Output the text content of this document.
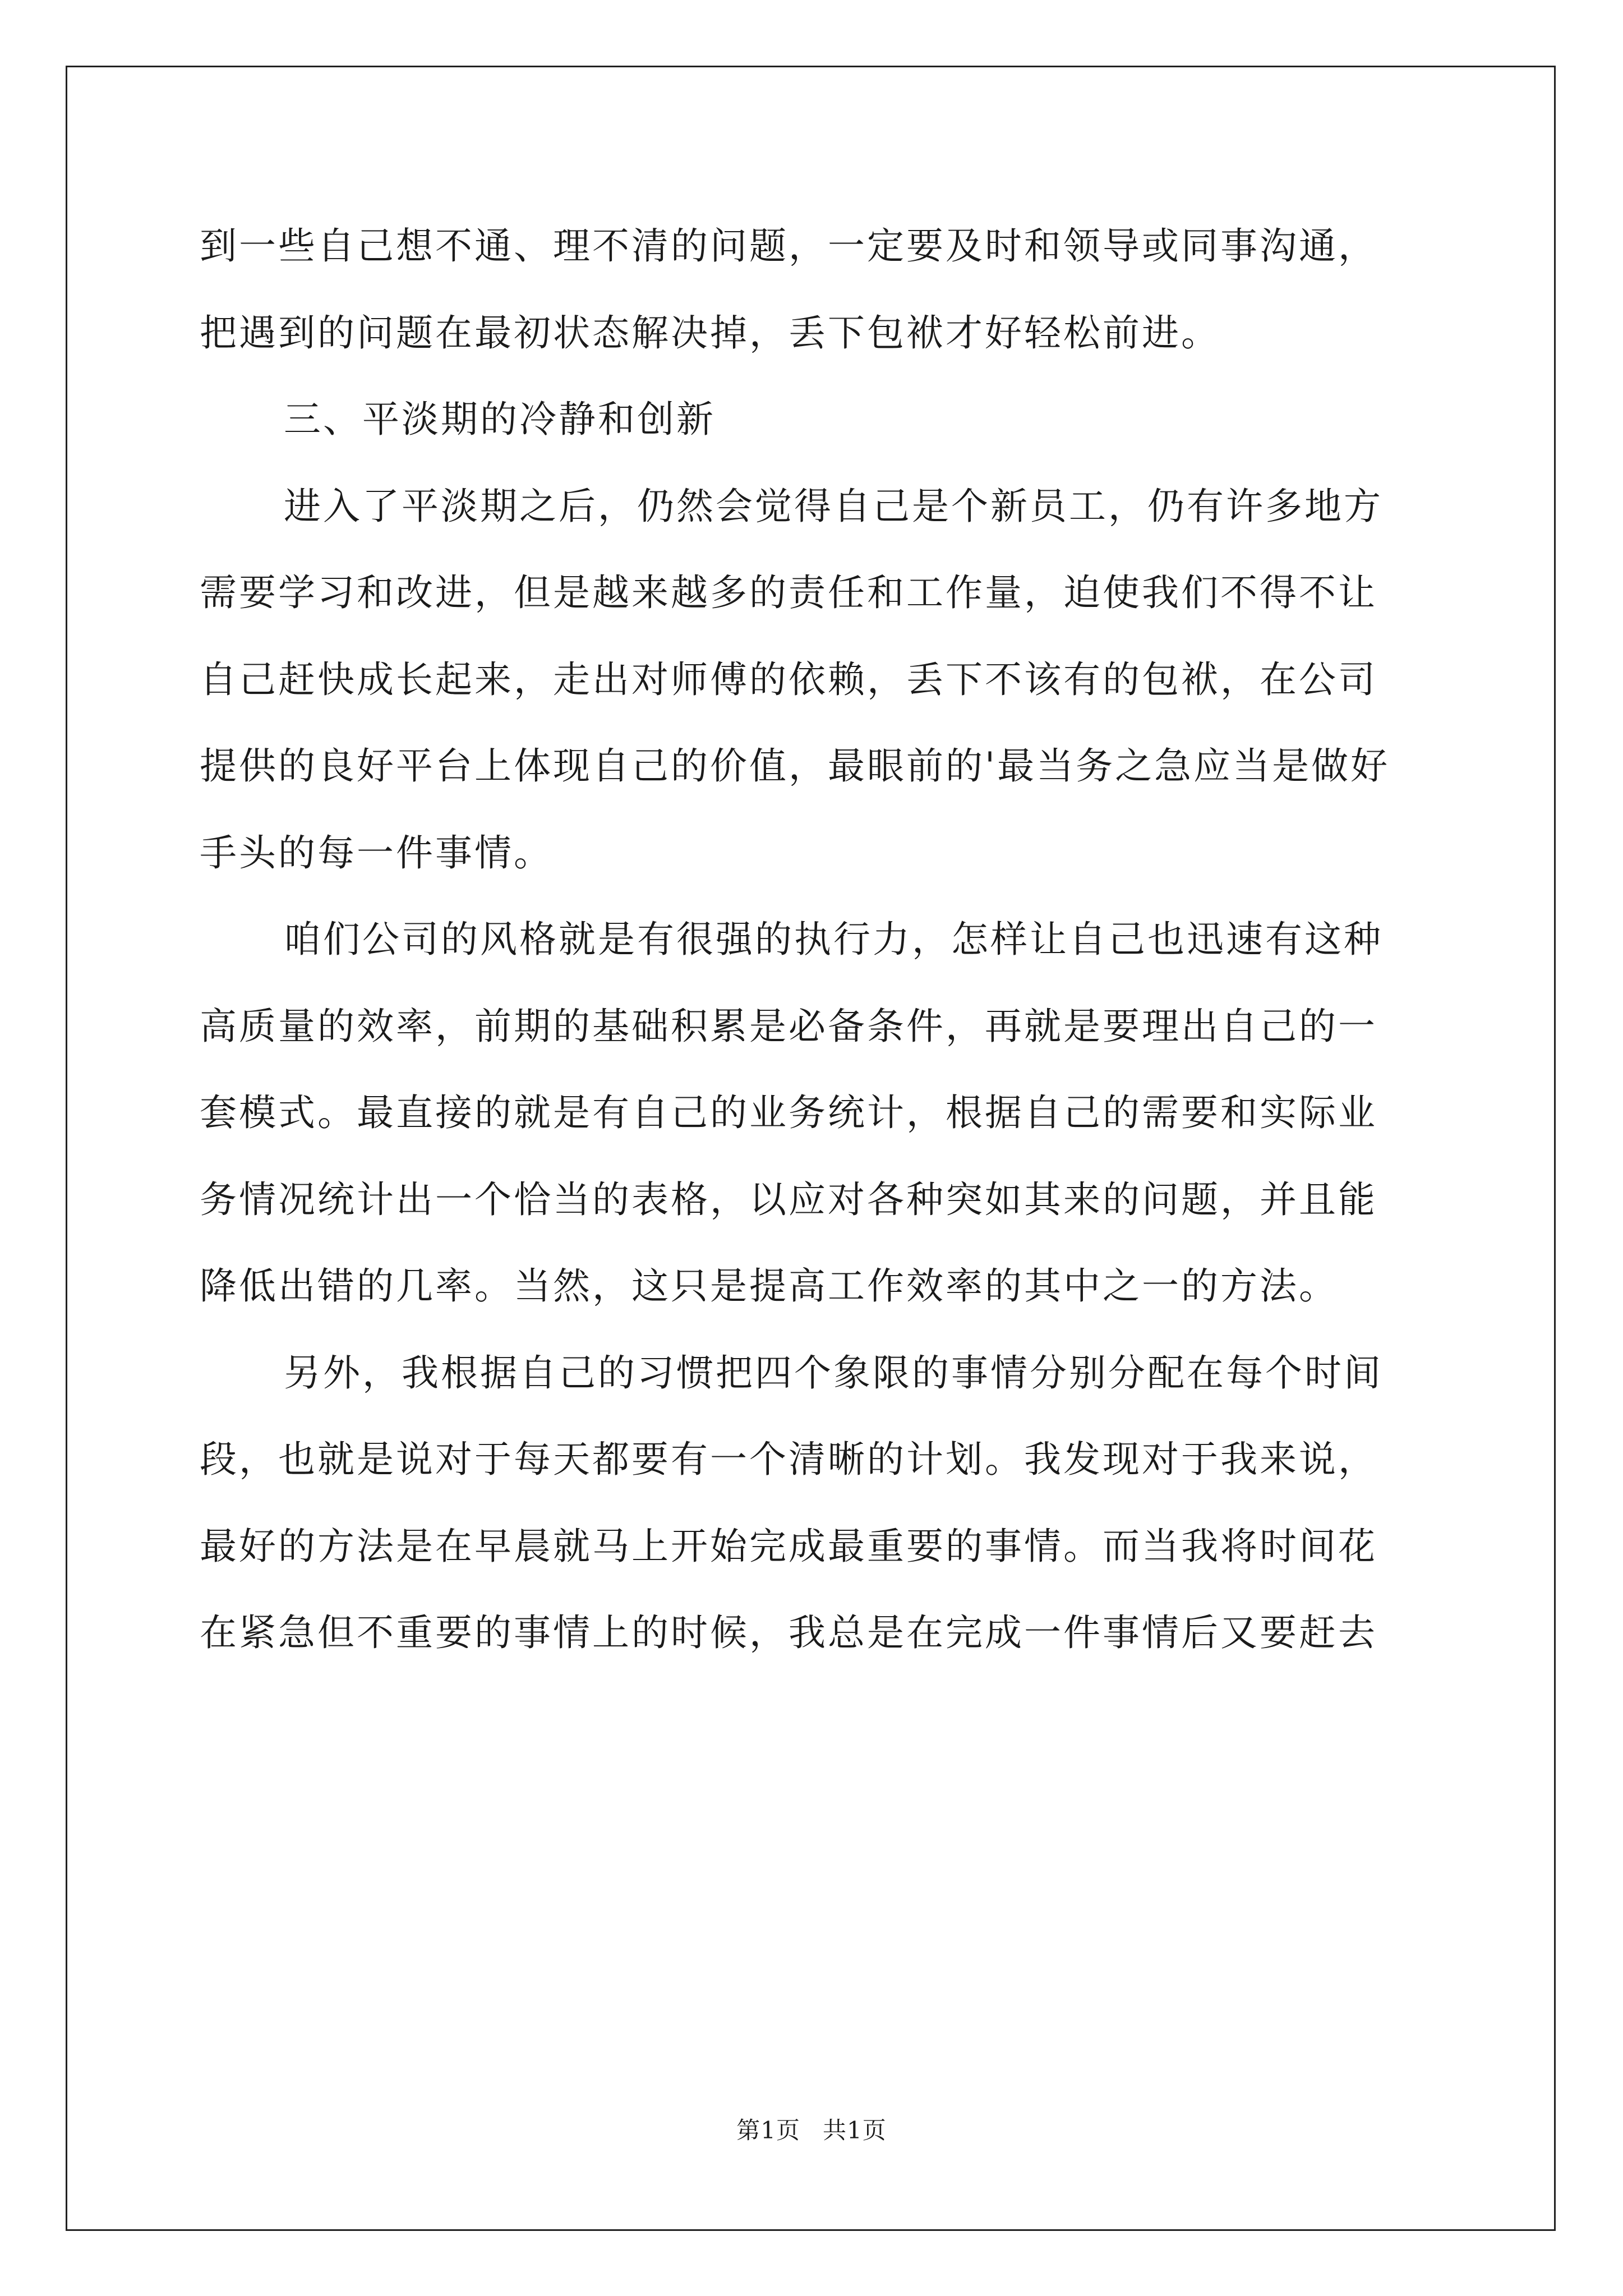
到一些自己想不通、理不清的问题，一定要及时和领导或同事沟通，
把遇到的问题在最初状态解决掉，丢下包袱才好轻松前进。
三、平淡期的冷静和创新
进入了平淡期之后，仍然会觉得自己是个新员工，仍有许多地方
需要学习和改进，但是越来越多的责任和工作量，迫使我们不得不让
自己赶快成长起来，走出对师傅的依赖，丢下不该有的包袱，在公司
提供的良好平台上体现自己的价值，最眼前的'最当务之急应当是做好
手头的每一件事情。
咱们公司的风格就是有很强的执行力，怎样让自己也迅速有这种
高质量的效率，前期的基础积累是必备条件，再就是要理出自己的一
套模式。最直接的就是有自己的业务统计，根据自己的需要和实际业
务情况统计出一个恰当的表格，以应对各种突如其来的问题，并且能
降低出错的几率。当然，这只是提高工作效率的其中之一的方法。
另外，我根据自己的习惯把四个象限的事情分别分配在每个时间
段，也就是说对于每天都要有一个清晰的计划。我发现对于我来说，
最好的方法是在早晨就马上开始完成最重要的事情。而当我将时间花
在紧急但不重要的事情上的时候，我总是在完成一件事情后又要赶去
第1页 共1页
